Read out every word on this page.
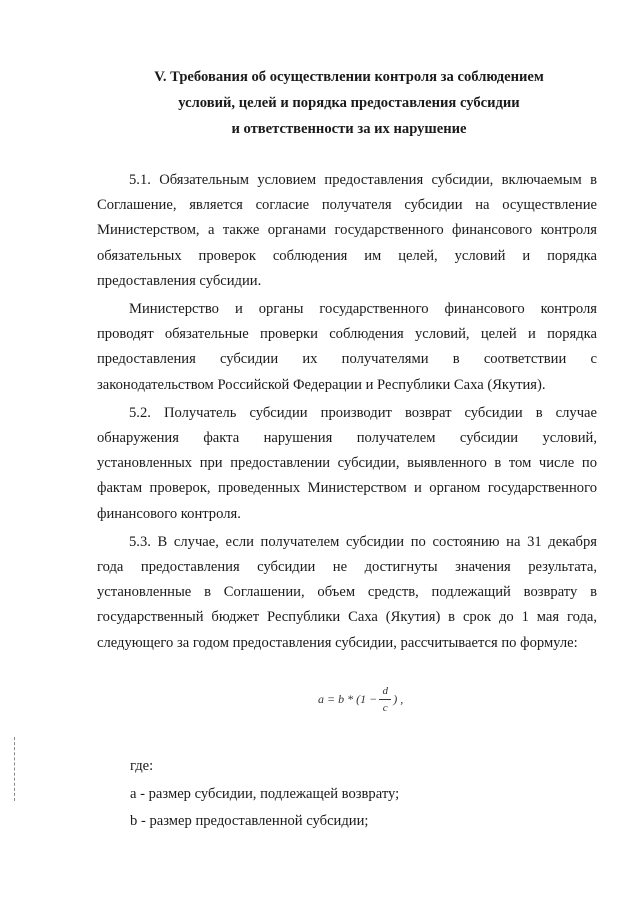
V. Требования об осуществлении контроля за соблюдением
условий, целей и порядка предоставления субсидии
и ответственности за их нарушение
5.1. Обязательным условием предоставления субсидии, включаемым в
Соглашение, является согласие получателя субсидии на осуществление
Министерством, а также органами государственного финансового контроля
обязательных проверок соблюдения им целей, условий и порядка
предоставления субсидии.
Министерство и органы государственного финансового контроля
проводят обязательные проверки соблюдения условий, целей и порядка
предоставления субсидии их получателями в соответствии с
законодательством Российской Федерации и Республики Саха (Якутия).
5.2. Получатель субсидии производит возврат субсидии в случае
обнаружения факта нарушения получателем субсидии условий,
установленных при предоставлении субсидии, выявленного в том числе по
фактам проверок, проведенных Министерством и органом государственного
финансового контроля.
5.3. В случае, если получателем субсидии по состоянию на 31 декабря
года предоставления субсидии не достигнуты значения результата,
установленные в Соглашении, объем средств, подлежащий возврату в
государственный бюджет Республики Саха (Якутия) в срок до 1 мая года,
следующего за годом предоставления субсидии, рассчитывается по формуле:
$a = b * (1 - \frac{d}{c}$ ) ,
где:
a - размер субсидии, подлежащей возврату;
b - размер предоставленной субсидии;
